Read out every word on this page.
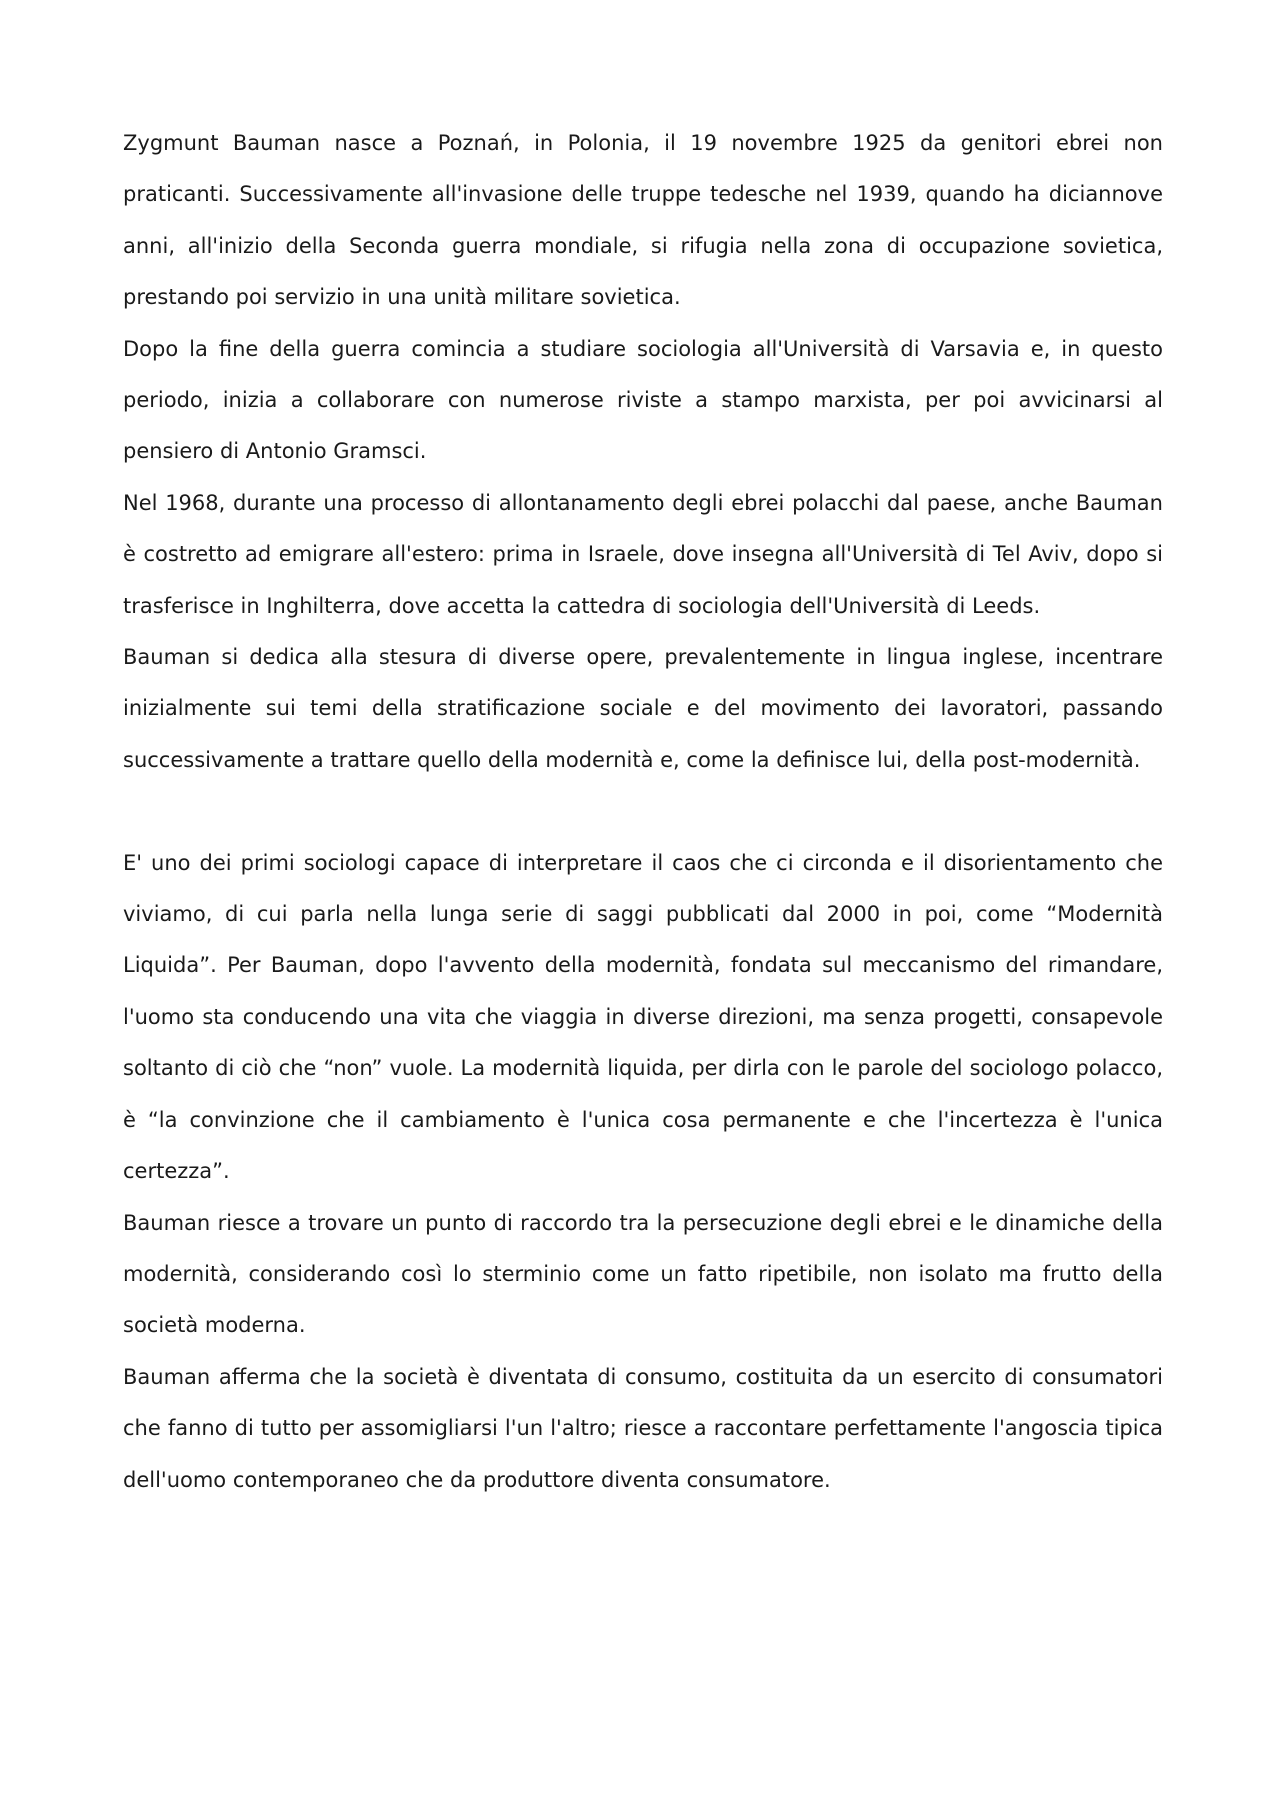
Zygmunt Bauman nasce a Poznań, in Polonia, il 19 novembre 1925 da genitori ebrei non praticanti. Successivamente all'invasione delle truppe tedesche nel 1939, quando ha diciannove anni, all'inizio della Seconda guerra mondiale, si rifugia nella zona di occupazione sovietica, prestando poi servizio in una unità militare sovietica.

Dopo la fine della guerra comincia a studiare sociologia all'Università di Varsavia e, in questo periodo, inizia a collaborare con numerose riviste a stampo marxista, per poi avvicinarsi al pensiero di Antonio Gramsci.

Nel 1968, durante una processo di allontanamento degli ebrei polacchi dal paese, anche Bauman è costretto ad emigrare all'estero: prima in Israele, dove insegna all'Università di Tel Aviv, dopo si trasferisce in Inghilterra, dove accetta la cattedra di sociologia dell'Università di Leeds.

Bauman si dedica alla stesura di diverse opere, prevalentemente in lingua inglese, incentrare inizialmente sui temi della stratificazione sociale e del movimento dei lavoratori, passando successivamente a trattare quello della modernità e, come la definisce lui, della post-modernità.

E' uno dei primi sociologi capace di interpretare il caos che ci circonda e il disorientamento che viviamo, di cui parla nella lunga serie di saggi pubblicati dal 2000 in poi, come “Modernità Liquida”. Per Bauman, dopo l'avvento della modernità, fondata sul meccanismo del rimandare, l'uomo sta conducendo una vita che viaggia in diverse direzioni, ma senza progetti, consapevole soltanto di ciò che “non” vuole. La modernità liquida, per dirla con le parole del sociologo polacco, è “la convinzione che il cambiamento è l'unica cosa permanente e che l'incertezza è l'unica certezza”.

Bauman riesce a trovare un punto di raccordo tra la persecuzione degli ebrei e le dinamiche della modernità, considerando così lo sterminio come un fatto ripetibile, non isolato ma frutto della società moderna.

Bauman afferma che la società è diventata di consumo, costituita da un esercito di consumatori che fanno di tutto per assomigliarsi l'un l'altro; riesce a raccontare perfettamente l'angoscia tipica dell'uomo contemporaneo che da produttore diventa consumatore.
